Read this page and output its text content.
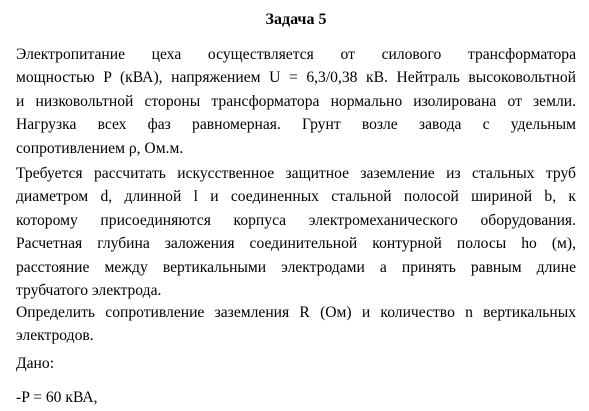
Задача 5
Электропитание цеха осуществляется от силового трансформатора
мощностью P (кВА), напряжением U = 6,3/0,38 кВ. Нейтраль высоковольтной
и низковольтной стороны трансформатора нормально изолирована от земли.
Нагрузка всех фаз равномерная. Грунт возле завода с удельным
сопротивлением ρ, Ом.м.
Требуется рассчитать искусственное защитное заземление из стальных труб
диаметром d, длинной l и соединенных стальной полосой шириной b, к
которому присоединяются корпуса электромеханического оборудования.
Расчетная глубина заложения соединительной контурной полосы ho (м),
расстояние между вертикальными электродами a принять равным длине
трубчатого электрода.
Определить сопротивление заземления R (Ом) и количество n вертикальных
электродов.
Дано:
-P = 60 кВА,
